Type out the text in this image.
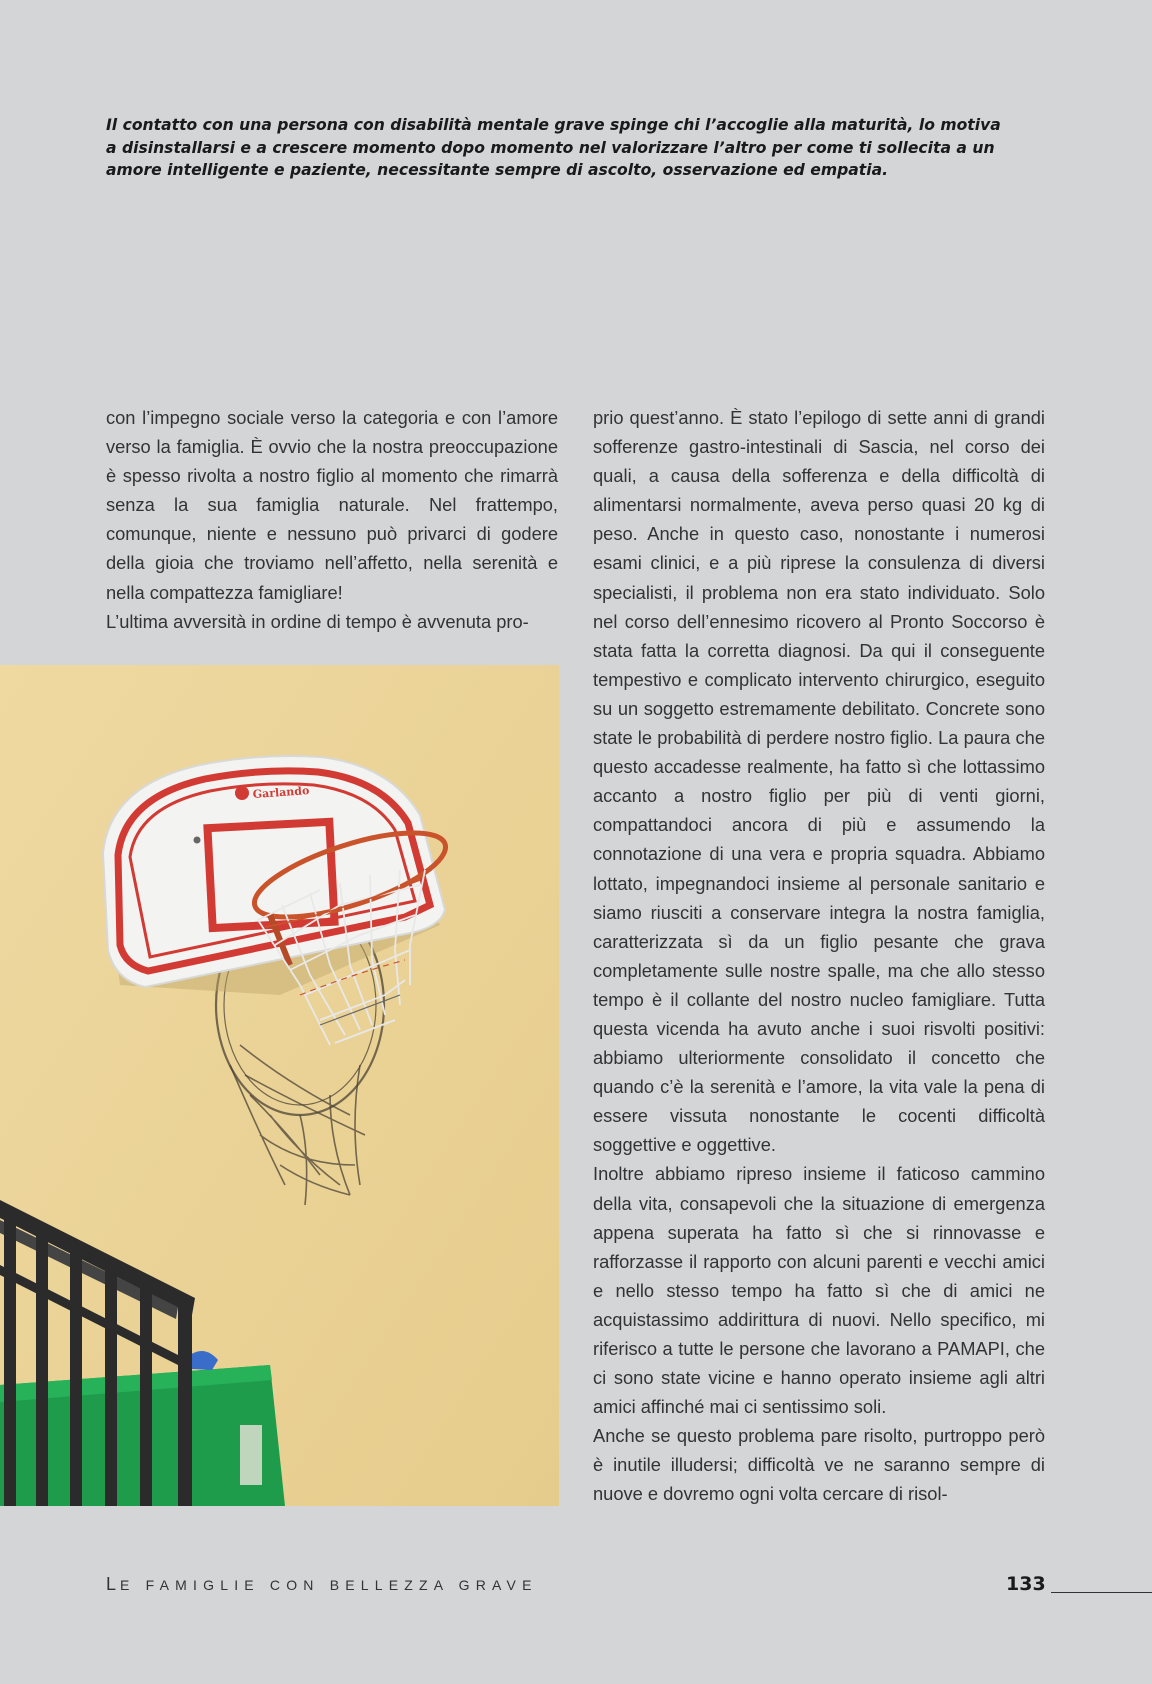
Il contatto con una persona con disabilità mentale grave spinge chi l’accoglie alla maturità, lo motiva a disinstallarsi e a crescere momento dopo momento nel valorizzare l’altro per come ti sollecita a un amore intelligente e paziente, necessitante sempre di ascolto, osservazione ed empatia.

con l’impegno sociale verso la categoria e con l’amore verso la famiglia. È ovvio che la nostra preoccupazione è spesso rivolta a nostro figlio al momento che rimarrà senza la sua famiglia naturale. Nel frattempo, comunque, niente e nessuno può privarci di godere della gioia che troviamo nell’affetto, nella serenità e nella compattezza famigliare!

L’ultima avversità in ordine di tempo è avvenuta pro-

prio quest’anno. È stato l’epilogo di sette anni di grandi sofferenze gastro-intestinali di Sascia, nel corso dei quali, a causa della sofferenza e della difficoltà di alimentarsi normalmente, aveva perso quasi 20 kg di peso. Anche in questo caso, nonostante i numerosi esami clinici, e a più riprese la consulenza di diversi specialisti, il problema non era stato individuato. Solo nel corso dell’ennesimo ricovero al Pronto Soccorso è stata fatta la corretta diagnosi. Da qui il conseguente tempestivo e complicato intervento chirurgico, eseguito su un soggetto estremamente debilitato. Concrete sono state le probabilità di perdere nostro figlio. La paura che questo accadesse realmente, ha fatto sì che lottassimo accanto a nostro figlio per più di venti giorni, compattandoci ancora di più e assumendo la connotazione di una vera e propria squadra. Abbiamo lottato, impegnandoci insieme al personale sanitario e siamo riusciti a conservare integra la nostra famiglia, caratterizzata sì da un figlio pesante che grava completamente sulle nostre spalle, ma che allo stesso tempo è il collante del nostro nucleo famigliare. Tutta questa vicenda ha avuto anche i suoi risvolti positivi: abbiamo ulteriormente consolidato il concetto che quando c’è la serenità e l’amore, la vita vale la pena di essere vissuta nonostante le cocenti difficoltà soggettive e oggettive.

Inoltre abbiamo ripreso insieme il faticoso cammino della vita, consapevoli che la situazione di emergenza appena superata ha fatto sì che si rinnovasse e rafforzasse il rapporto con alcuni parenti e vecchi amici e nello stesso tempo ha fatto sì che di amici ne acquistassimo addirittura di nuovi. Nello specifico, mi riferisco a tutte le persone che lavorano a PAMAPI, che ci sono state vicine e hanno operato insieme agli altri amici affinché mai ci sentissimo soli.

Anche se questo problema pare risolto, purtroppo però è inutile illudersi; difficoltà ve ne saranno sempre di nuove e dovremo ogni volta cercare di risol-

Garlando
LE FAMIGLIE CON BELLEZZA GRAVE	133
